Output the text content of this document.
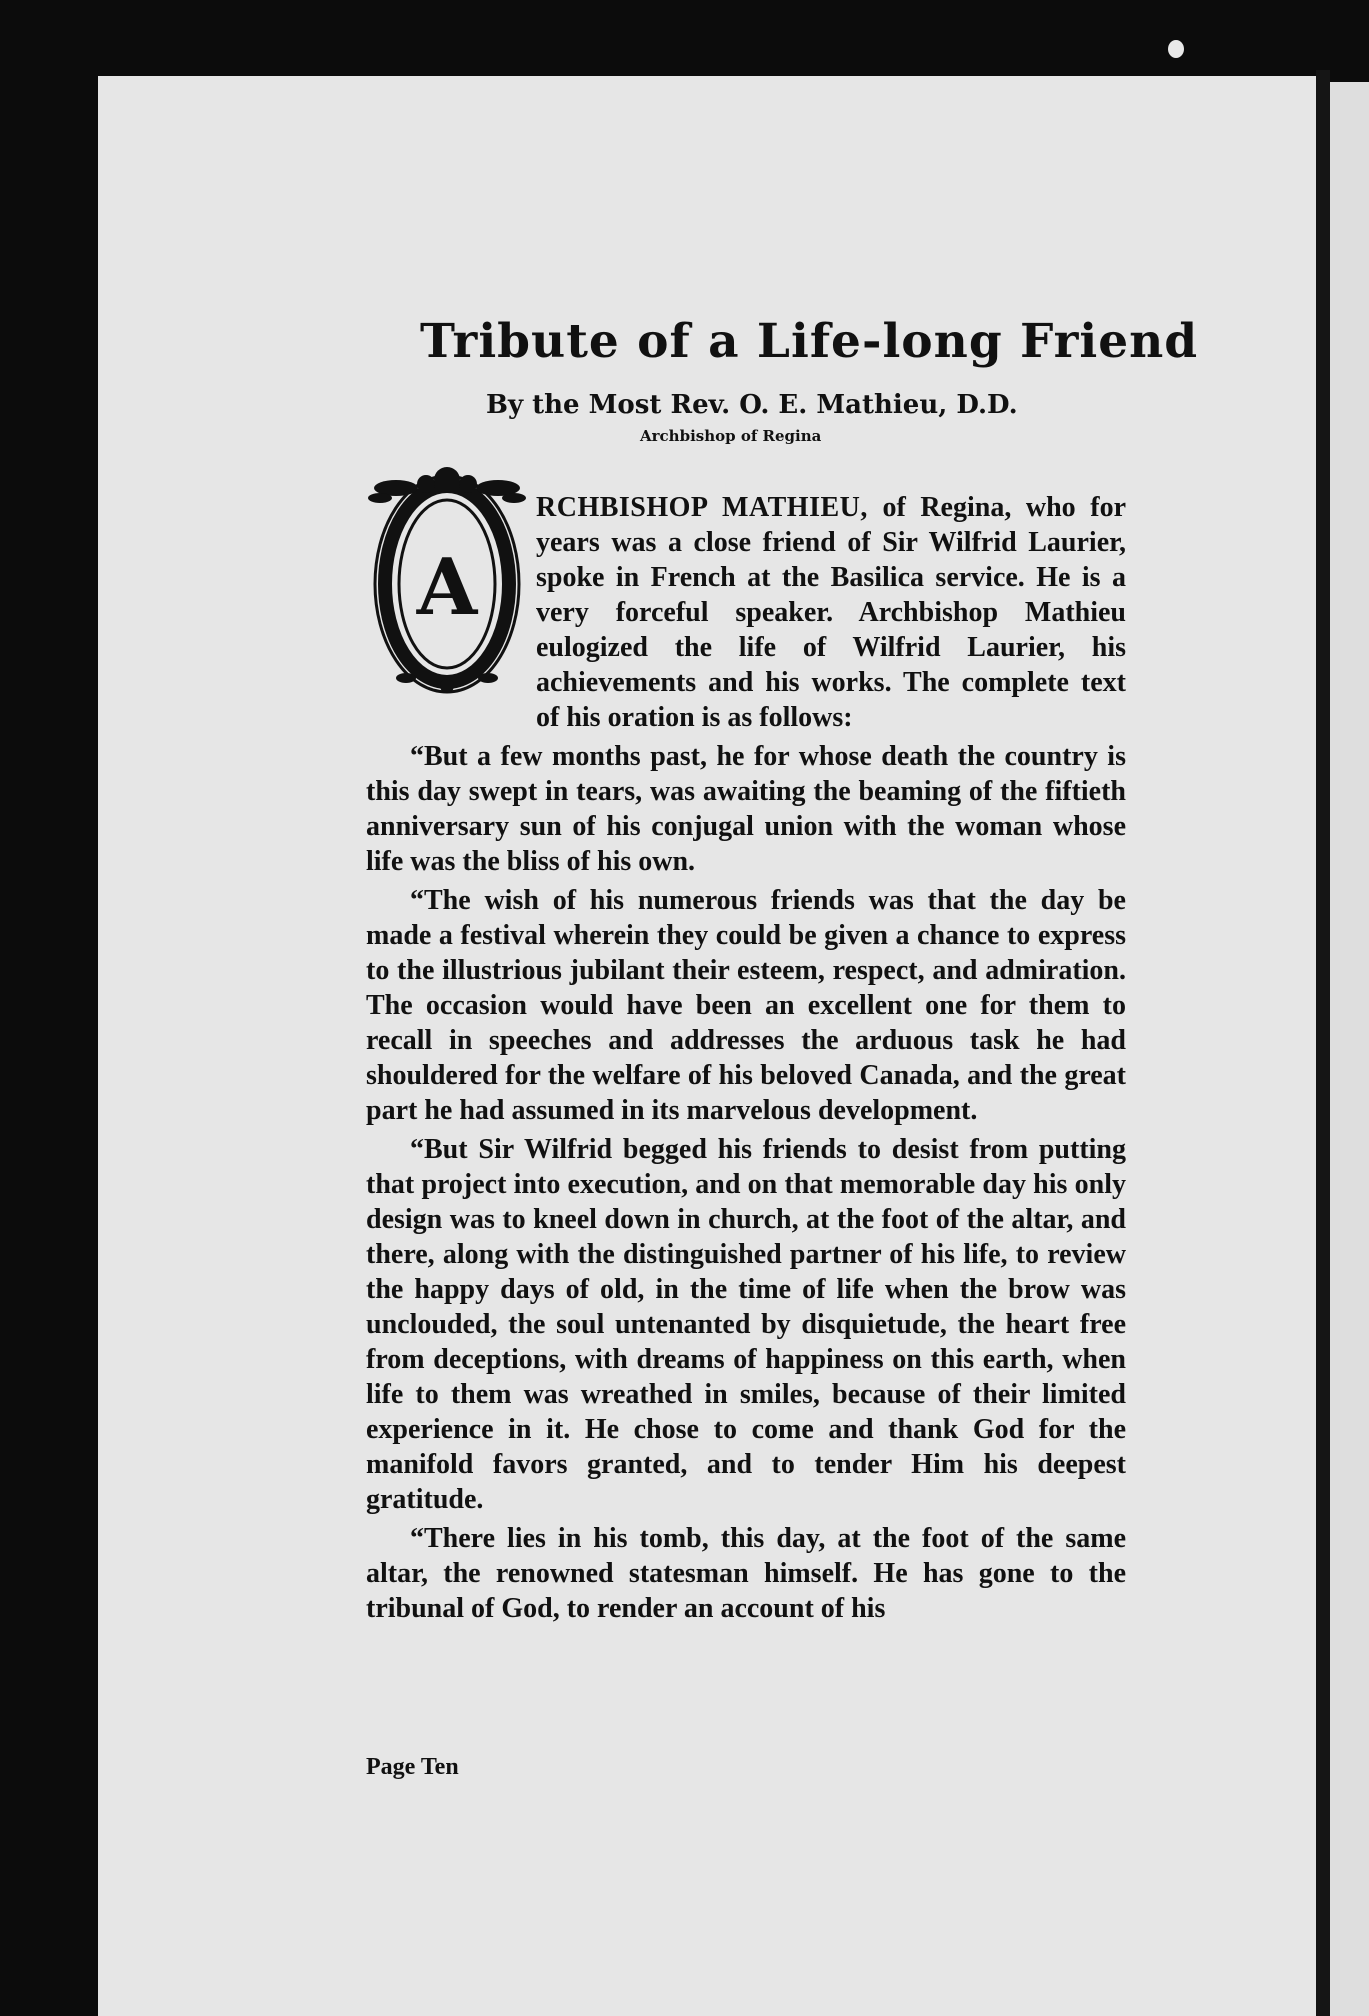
Tribute of a Life-long Friend

By the Most Rev. O. E. Mathieu, D.D.

Archbishop of Regina

A

RCHBISHOP MATHIEU, of Regina, who for years was a close friend of Sir Wilfrid Laurier, spoke in French at the Basilica service. He is a very forceful speaker. Archbishop Mathieu eulogized the life of Wilfrid Laurier, his achievements and his works. The complete text of his oration is as follows:

“But a few months past, he for whose death the country is this day swept in tears, was awaiting the beaming of the fiftieth anniversary sun of his conjugal union with the woman whose life was the bliss of his own.

“The wish of his numerous friends was that the day be made a festival wherein they could be given a chance to express to the illustrious jubilant their esteem, respect, and admiration. The occasion would have been an excellent one for them to recall in speeches and addresses the arduous task he had shouldered for the welfare of his beloved Canada, and the great part he had assumed in its marvelous development.

“But Sir Wilfrid begged his friends to desist from putting that project into execution, and on that memorable day his only design was to kneel down in church, at the foot of the altar, and there, along with the distinguished partner of his life, to review the happy days of old, in the time of life when the brow was unclouded, the soul untenanted by disquietude, the heart free from deceptions, with dreams of happiness on this earth, when life to them was wreathed in smiles, because of their limited experience in it. He chose to come and thank God for the manifold favors granted, and to tender Him his deepest gratitude.

“There lies in his tomb, this day, at the foot of the same altar, the renowned statesman himself. He has gone to the tribunal of God, to render an account of his

Page Ten
